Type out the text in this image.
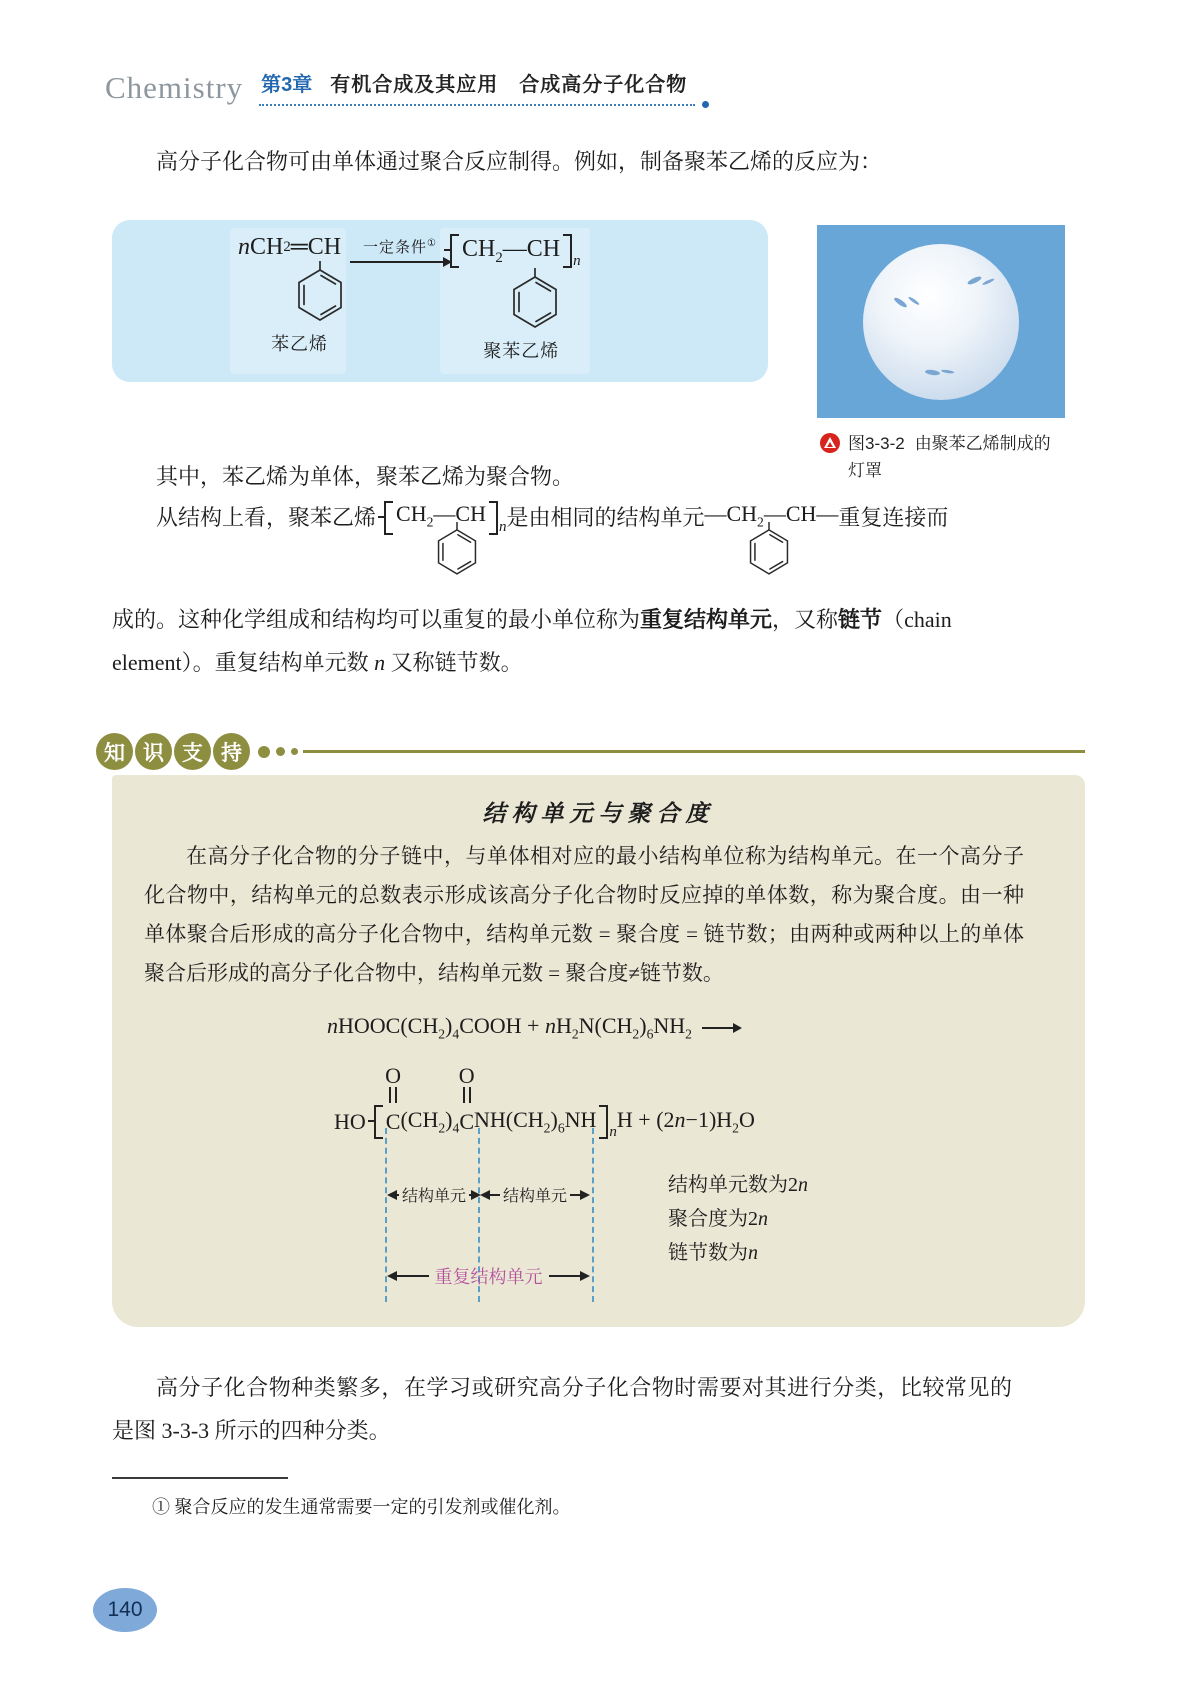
Chemistry 第3章 有机合成及其应用　合成高分子化合物
高分子化合物可由单体通过聚合反应制得。例如，制备聚苯乙烯的反应为：
n CH 2 ═CH
苯乙烯
一定条件①	$CH_2—CH$ n
聚苯乙烯
图3-3-2 由聚苯乙烯制成的灯罩
其中，苯乙烯为单体，聚苯乙烯为聚合物。
从结构上看，聚苯乙烯 $CH_2—CH$
n 是由相同的结构单元 $—CH_2—CH—$ 重复连接而
成的。这种化学组成和结构均可以重复的最小单位称为重复结构单元，又称链节（chain
element）。重复结构单元数 n 又称链节数。
知 识 支 持
结构单元与聚合度
在高分子化合物的分子链中，与单体相对应的最小结构单位称为结构单元。在一个高分子化合物中，结构单元的总数表示形成该高分子化合物时反应掉的单体数，称为聚合度。由一种单体聚合后形成的高分子化合物中，结构单元数 = 聚合度 = 链节数；由两种或两种以上的单体聚合后形成的高分子化合物中，结构单元数 = 聚合度≠链节数。
$nHOOC(CH_2)_4COOH + nH_2N(CH_2)_6NH_2$ →
HO
O
C $(CH_2)_4$
O
C $NH(CH_2)_6NH$ n $H + (2n-1)H_2O$
结构单元 结构单元
重复结构单元
结构单元数为2n
聚合度为2n
链节数为n
高分子化合物种类繁多，在学习或研究高分子化合物时需要对其进行分类，比较常见的是图 3-3-3 所示的四种分类。
① 聚合反应的发生通常需要一定的引发剂或催化剂。
140
